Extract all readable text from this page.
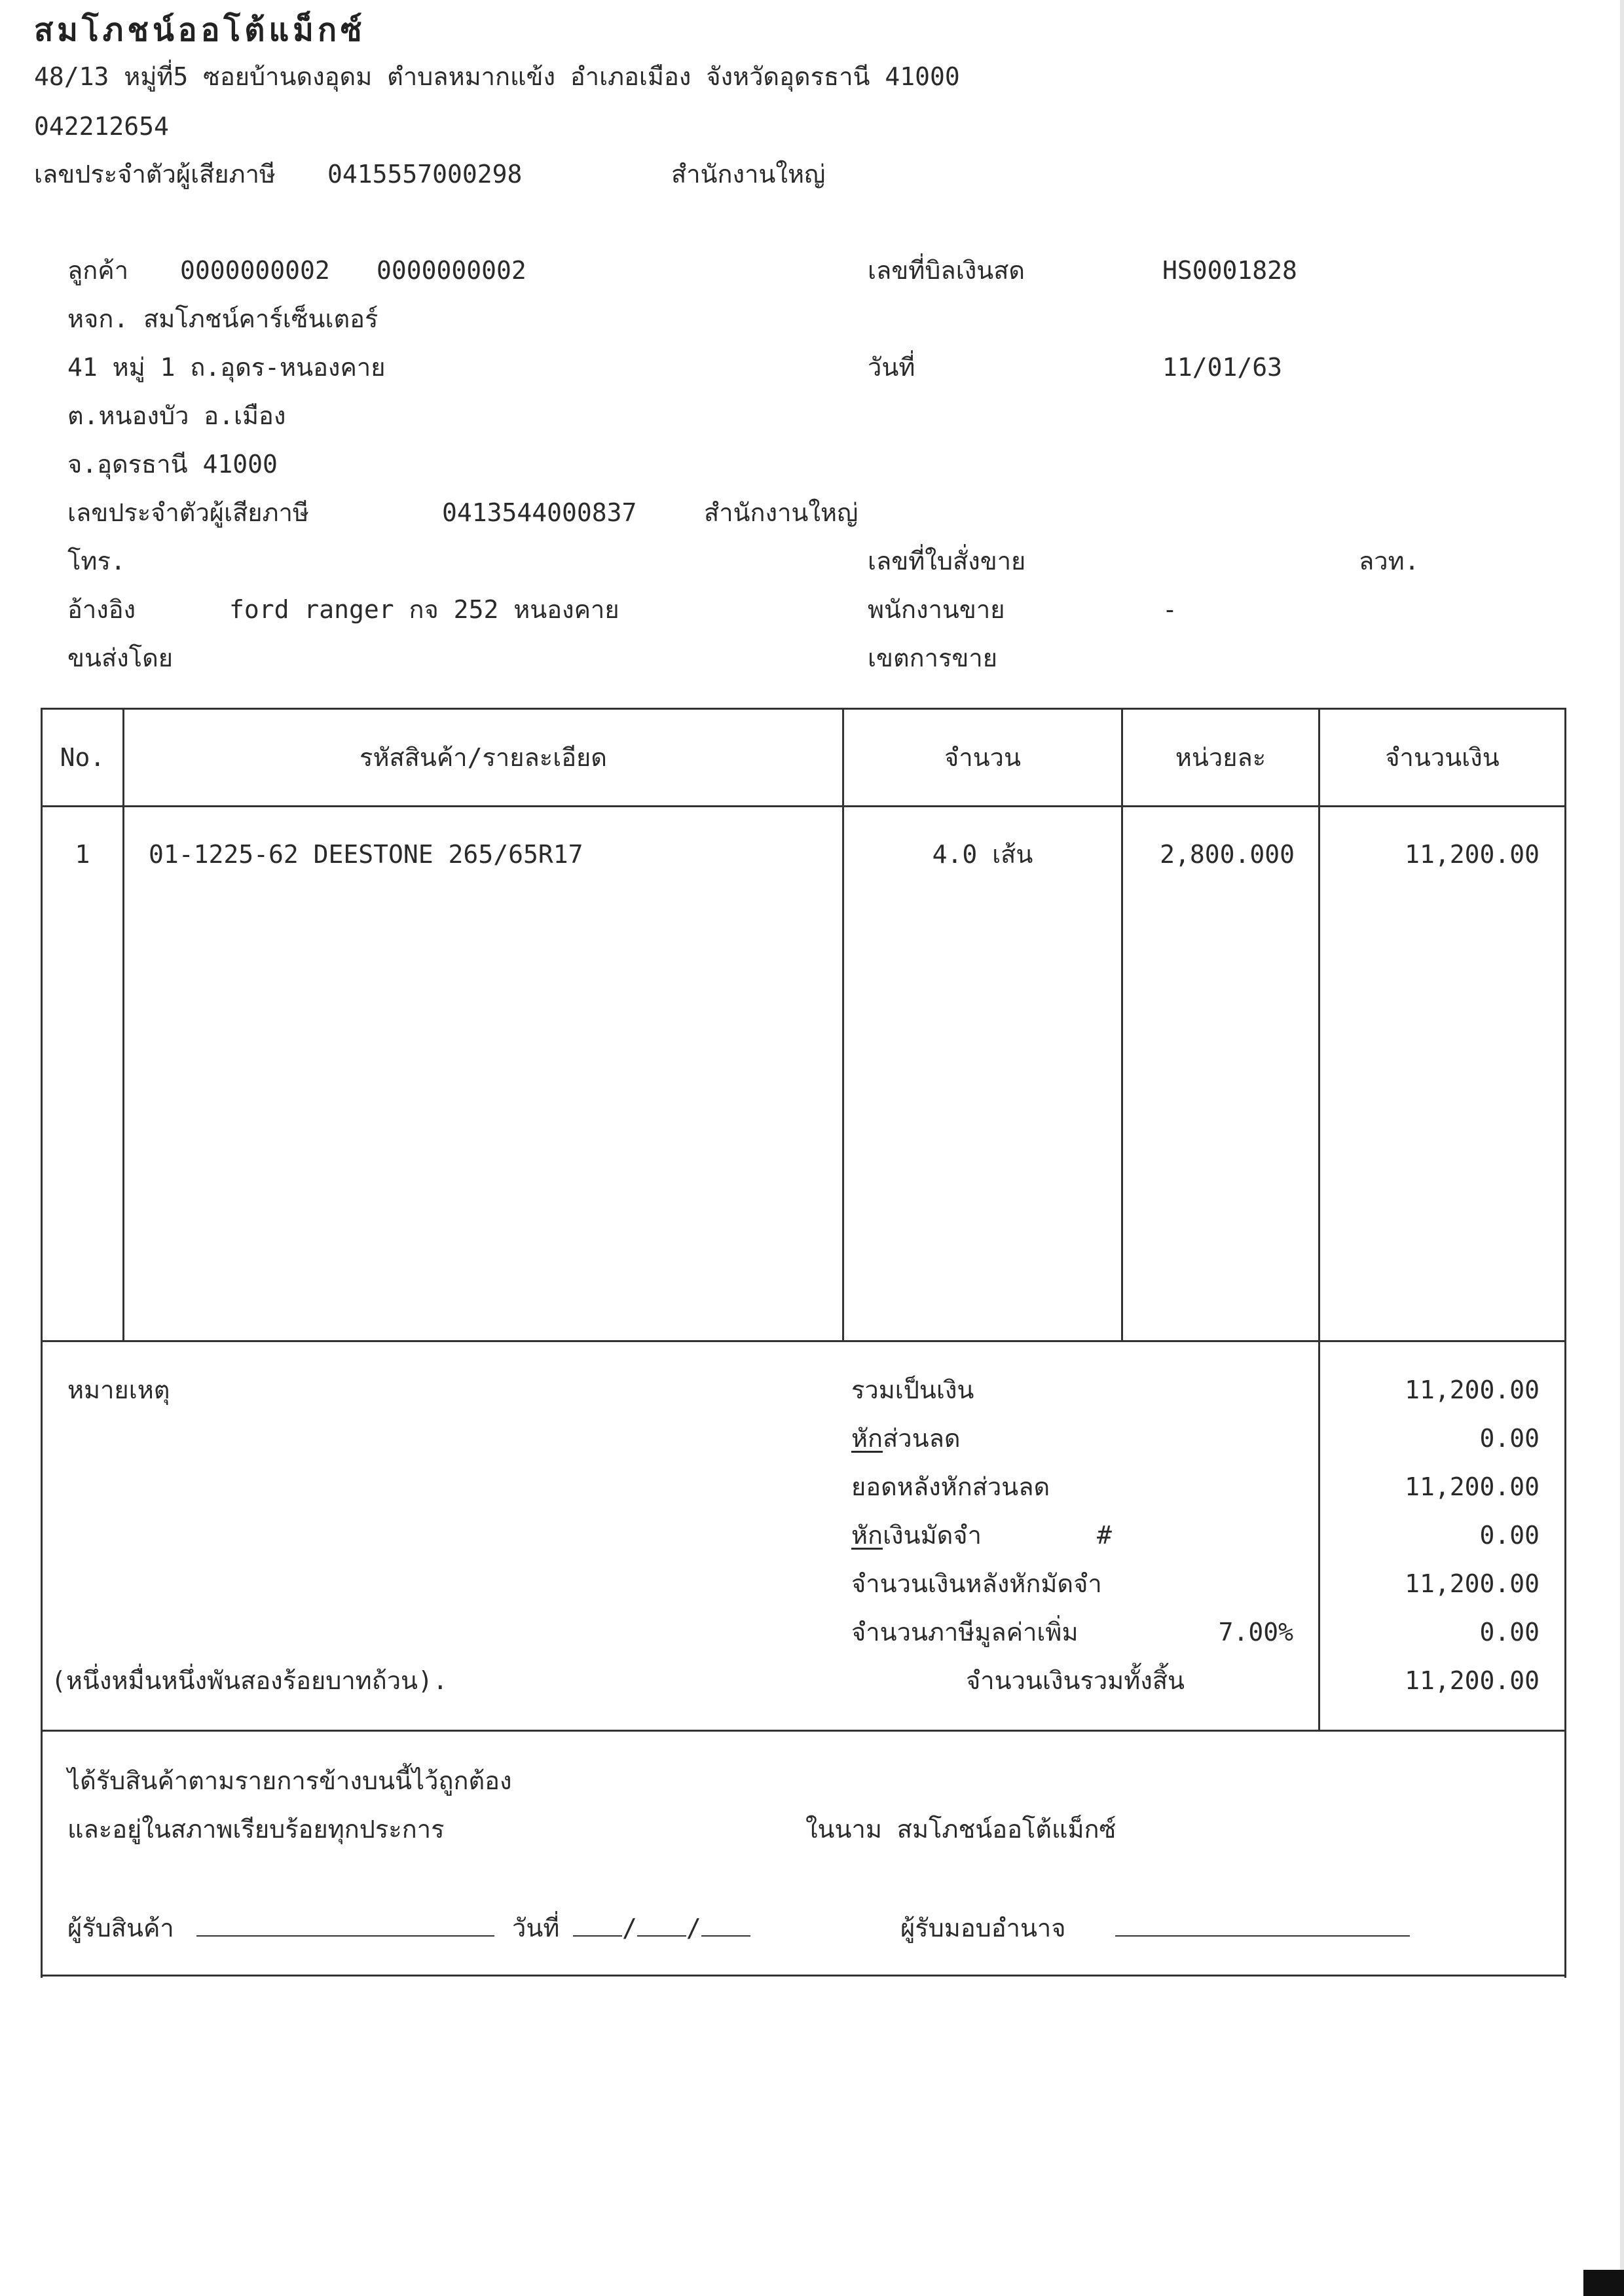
สมโภชน์ออโต้แม็กซ์
48/13 หมู่ที่5 ซอยบ้านดงอุดม ตำบลหมากแข้ง อำเภอเมือง จังหวัดอุดรธานี 41000
042212654
เลขประจำตัวผู้เสียภาษี 0415557000298	สำนักงานใหญ่
ลูกค้า 0000000002 0000000002
หจก. สมโภชน์คาร์เซ็นเตอร์
41 หมู่ 1 ถ.อุดร-หนองคาย
ต.หนองบัว อ.เมือง
จ.อุดรธานี 41000
เลขประจำตัวผู้เสียภาษี	0413544000837	สำนักงานใหญ่
โทร.
อ้างอิง	ford ranger กจ 252 หนองคาย
ขนส่งโดย
เลขที่บิลเงินสด	HS0001828
วันที่	11/01/63
เลขที่ใบสั่งขาย	ลวท.
พนักงานขาย	-
เขตการขาย
No.	รหัสสินค้า/รายละเอียด	จำนวน	หน่วยละ	จำนวนเงิน
1	01-1225-62 DEESTONE 265/65R17	4.0 เส้น	2,800.000	11,200.00
หมายเหตุ	รวมเป็นเงิน	11,200.00
หักส่วนลด	0.00
ยอดหลังหักส่วนลด	11,200.00
หักเงินมัดจำ	#	0.00
จำนวนเงินหลังหักมัดจำ	11,200.00
จำนวนภาษีมูลค่าเพิ่ม	7.00%	0.00
(หนึ่งหมื่นหนึ่งพันสองร้อยบาทถ้วน).	จำนวนเงินรวมทั้งสิ้น	11,200.00
ได้รับสินค้าตามรายการข้างบนนี้ไว้ถูกต้อง
และอยู่ในสภาพเรียบร้อยทุกประการ	ในนาม สมโภชน์ออโต้แม็กซ์
ผู้รับสินค้า	วันที่	/ /	ผู้รับมอบอำนาจ
